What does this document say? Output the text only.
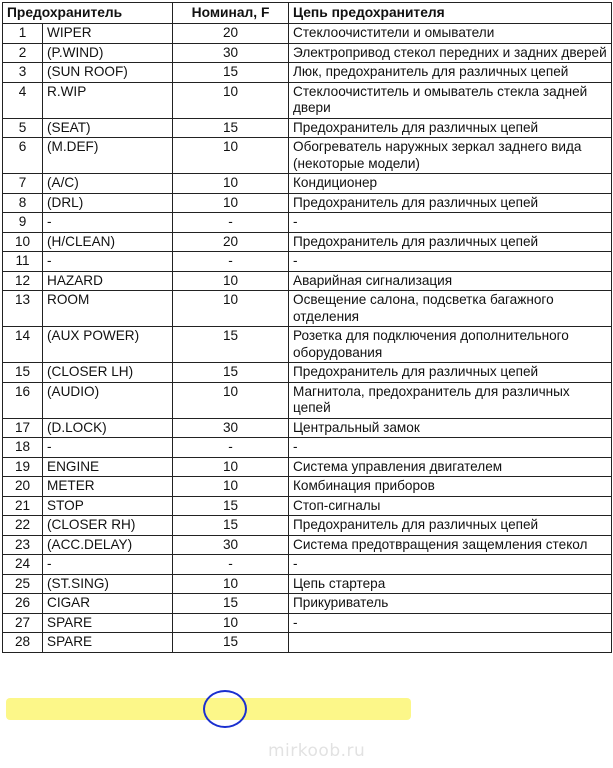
Предохранитель		Номинал, F	Цепь предохранителя
1	WIPER	20	Стеклоочистители и омыватели
2	(P.WIND)	30	Электропривод стекол передних и задних дверей
3	(SUN ROOF)	15	Люк, предохранитель для различных цепей
4	R.WIP	10	Стеклоочиститель и омыватель стекла задней двери
5	(SEAT)	15	Предохранитель для различных цепей
6	(M.DEF)	10	Обогреватель наружных зеркал заднего вида (некоторые модели)
7	(A/C)	10	Кондиционер
8	(DRL)	10	Предохранитель для различных цепей
9	-	-	-
10	(H/CLEAN)	20	Предохранитель для различных цепей
11	-	-	-
12	HAZARD	10	Аварийная сигнализация
13	ROOM	10	Освещение салона, подсветка багажного отделения
14	(AUX POWER)	15	Розетка для подключения дополнительного оборудования
15	(CLOSER LH)	15	Предохранитель для различных цепей
16	(AUDIO)	10	Магнитола, предохранитель для различных цепей
17	(D.LOCK)	30	Центральный замок
18	-	-	-
19	ENGINE	10	Система управления двигателем
20	METER	10	Комбинация приборов
21	STOP	15	Стоп-сигналы
22	(CLOSER RH)	15	Предохранитель для различных цепей
23	(ACC.DELAY)	30	Система предотвращения защемления стекол
24	-	-	-
25	(ST.SING)	10	Цепь стартера
26	CIGAR	15	Прикуриватель
27	SPARE	10	-
28	SPARE	15	
mirkoob.ru
